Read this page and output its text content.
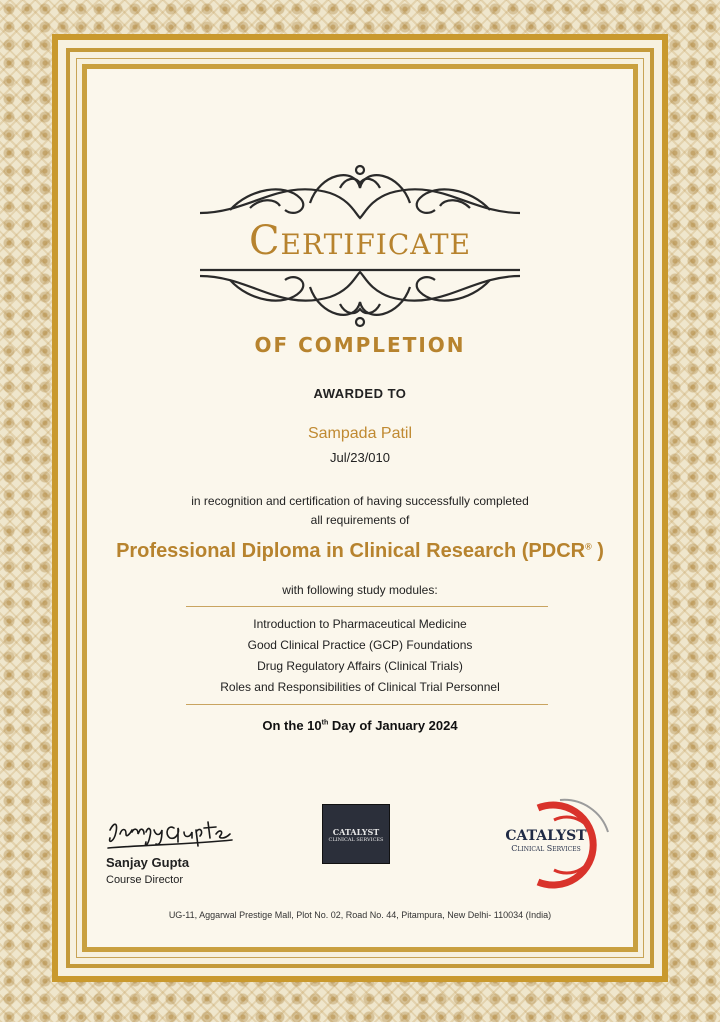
Certificate
OF COMPLETION
AWARDED TO
Sampada Patil
Jul/23/010
in recognition and certification of having successfully completed
all requirements of
Professional Diploma in Clinical Research (PDCR® )
with following study modules:
Introduction to Pharmaceutical Medicine
Good Clinical Practice (GCP) Foundations
Drug Regulatory Affairs (Clinical Trials)
Roles and Responsibilities of Clinical Trial Personnel
On the 10th Day of January 2024
Sanjay Gupta
Course Director
CATALYST
CLINICAL SERVICES	CATALYST
Clinical Services
UG-11, Aggarwal Prestige Mall, Plot No. 02, Road No. 44, Pitampura, New Delhi- 110034 (India)
